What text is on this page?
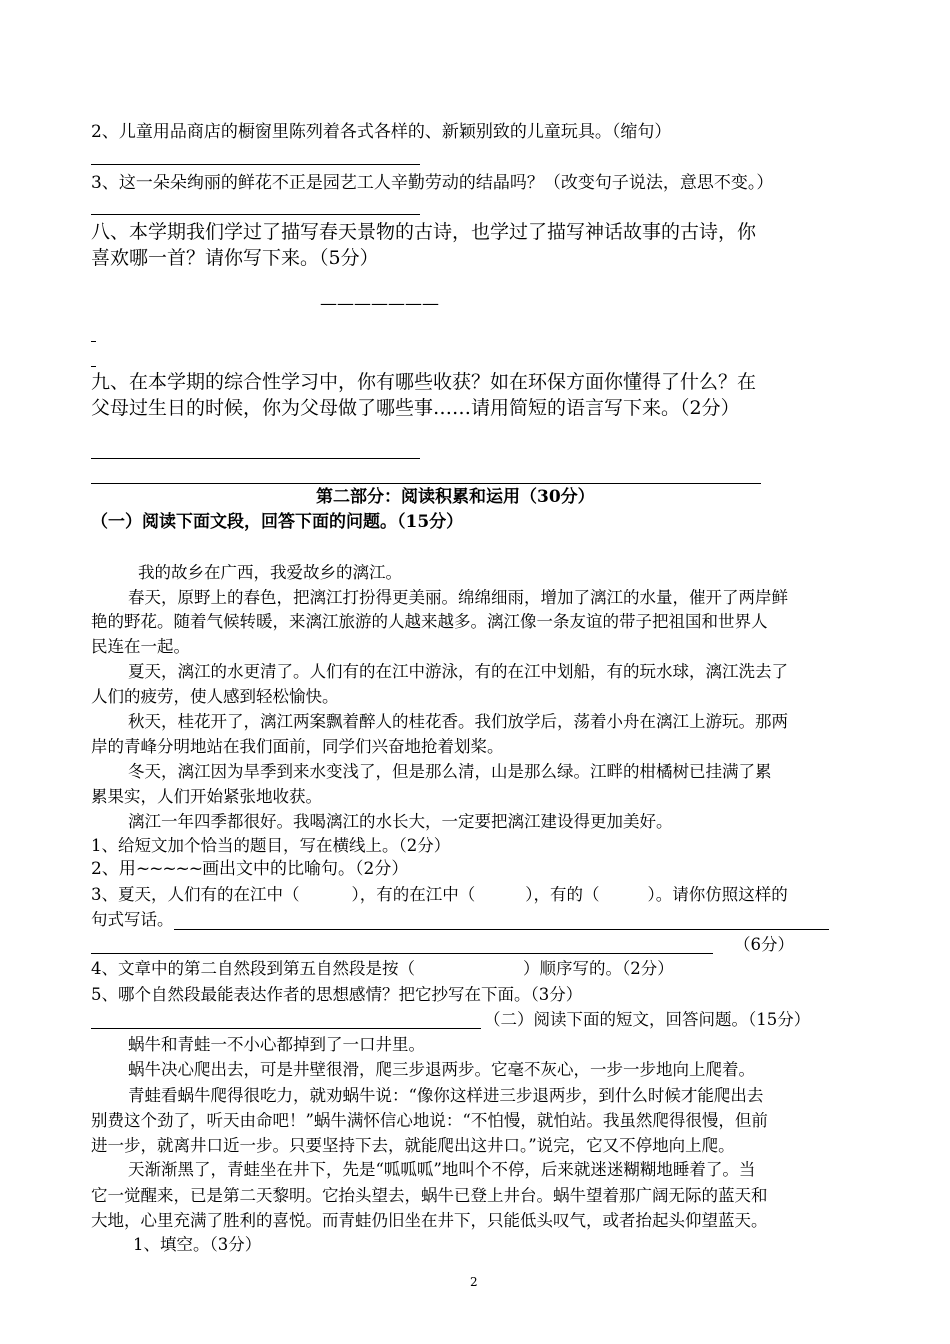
2、儿童用品商店的橱窗里陈列着各式各样的、新颖别致的儿童玩具。（缩句）
3、这一朵朵绚丽的鲜花不正是园艺工人辛勤劳动的结晶吗？（改变句子说法，意思不变。）
八、本学期我们学过了描写春天景物的古诗，也学过了描写神话故事的古诗，你
喜欢哪一首？请你写下来。（5分）
———————
九、在本学期的综合性学习中，你有哪些收获？如在环保方面你懂得了什么？在
父母过生日的时候，你为父母做了哪些事……请用简短的语言写下来。（2分）
第二部分：阅读积累和运用（30分）
（一）阅读下面文段，回答下面的问题。（15分）
我的故乡在广西，我爱故乡的漓江。
春天，原野上的春色，把漓江打扮得更美丽。绵绵细雨，增加了漓江的水量，催开了两岸鲜
艳的野花。随着气候转暖，来漓江旅游的人越来越多。漓江像一条友谊的带子把祖国和世界人
民连在一起。
夏天，漓江的水更清了。人们有的在江中游泳，有的在江中划船，有的玩水球，漓江洗去了
人们的疲劳，使人感到轻松愉快。
秋天，桂花开了，漓江两案飘着醉人的桂花香。我们放学后，荡着小舟在漓江上游玩。那两
岸的青峰分明地站在我们面前，同学们兴奋地抢着划桨。
冬天，漓江因为旱季到来水变浅了，但是那么清，山是那么绿。江畔的柑橘树已挂满了累
累果实，人们开始紧张地收获。
漓江一年四季都很好。我喝漓江的水长大，一定要把漓江建设得更加美好。
1、给短文加个恰当的题目，写在横线上。（2分）
2、用~~~~~画出文中的比喻句。（2分）
3、夏天，人们有的在江中（	），有的在江中（	），有的（	）。请你仿照这样的
句式写话。
（6分）
4、文章中的第二自然段到第五自然段是按（	）顺序写的。（2分）
5、哪个自然段最能表达作者的思想感情？把它抄写在下面。（3分）
（二）阅读下面的短文，回答问题。（15分）
蜗牛和青蛙一不小心都掉到了一口井里。
蜗牛决心爬出去，可是井壁很滑，爬三步退两步。它毫不灰心，一步一步地向上爬着。
青蛙看蜗牛爬得很吃力，就劝蜗牛说：“像你这样进三步退两步，到什么时候才能爬出去
别费这个劲了，听天由命吧！”蜗牛满怀信心地说：“不怕慢，就怕站。我虽然爬得很慢，但前
进一步，就离井口近一步。只要坚持下去，就能爬出这井口。”说完，它又不停地向上爬。
天渐渐黑了，青蛙坐在井下，先是“呱呱呱”地叫个不停，后来就迷迷糊糊地睡着了。当
它一觉醒来，已是第二天黎明。它抬头望去，蜗牛已登上井台。蜗牛望着那广阔无际的蓝天和
大地，心里充满了胜利的喜悦。而青蛙仍旧坐在井下，只能低头叹气，或者抬起头仰望蓝天。
1、填空。（3分）
2
